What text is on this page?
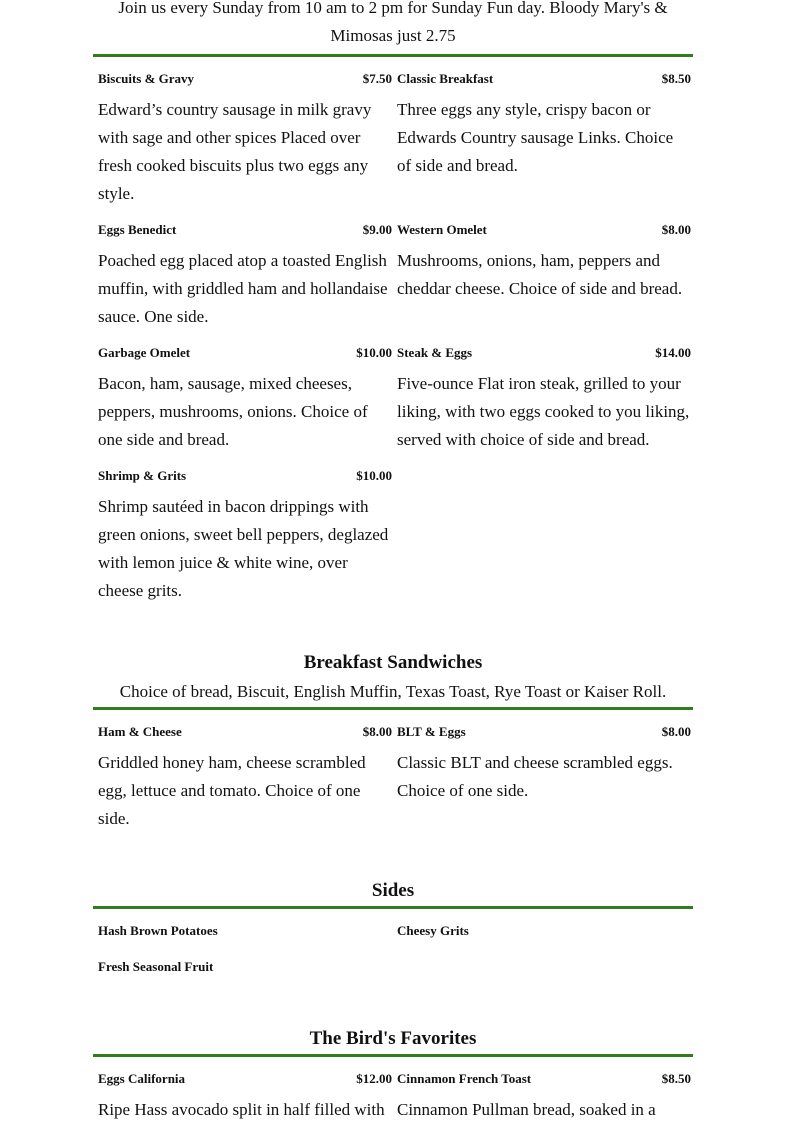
Join us every Sunday from 10 am to 2 pm for Sunday Fun day. Bloody Mary's &
Mimosas just 2.75
Biscuits & Gravy	$7.50
Edward’s country sausage in milk gravy with sage and other spices Placed over fresh cooked biscuits plus two eggs any style.
Classic Breakfast	$8.50
Three eggs any style, crispy bacon or Edwards Country sausage Links. Choice of side and bread.
Eggs Benedict	$9.00
Poached egg placed atop a toasted English muffin, with griddled ham and hollandaise sauce. One side.
Western Omelet	$8.00
Mushrooms, onions, ham, peppers and cheddar cheese. Choice of side and bread.
Garbage Omelet	$10.00
Bacon, ham, sausage, mixed cheeses, peppers, mushrooms, onions. Choice of one side and bread.
Steak & Eggs	$14.00
Five-ounce Flat iron steak, grilled to your liking, with two eggs cooked to you liking, served with choice of side and bread.
Shrimp & Grits	$10.00
Shrimp sautéed in bacon drippings with green onions, sweet bell peppers, deglazed with lemon juice & white wine, over cheese grits.
Breakfast Sandwiches
Choice of bread, Biscuit, English Muffin, Texas Toast, Rye Toast or Kaiser Roll.
Ham & Cheese	$8.00
Griddled honey ham, cheese scrambled egg, lettuce and tomato. Choice of one side.
BLT & Eggs	$8.00
Classic BLT and cheese scrambled eggs. Choice of one side.
Sides
Hash Brown Potatoes	Cheesy Grits
Fresh Seasonal Fruit
The Bird's Favorites
Eggs California	$12.00
Ripe Hass avocado split in half filled with
Cinnamon French Toast	$8.50
Cinnamon Pullman bread, soaked in a
